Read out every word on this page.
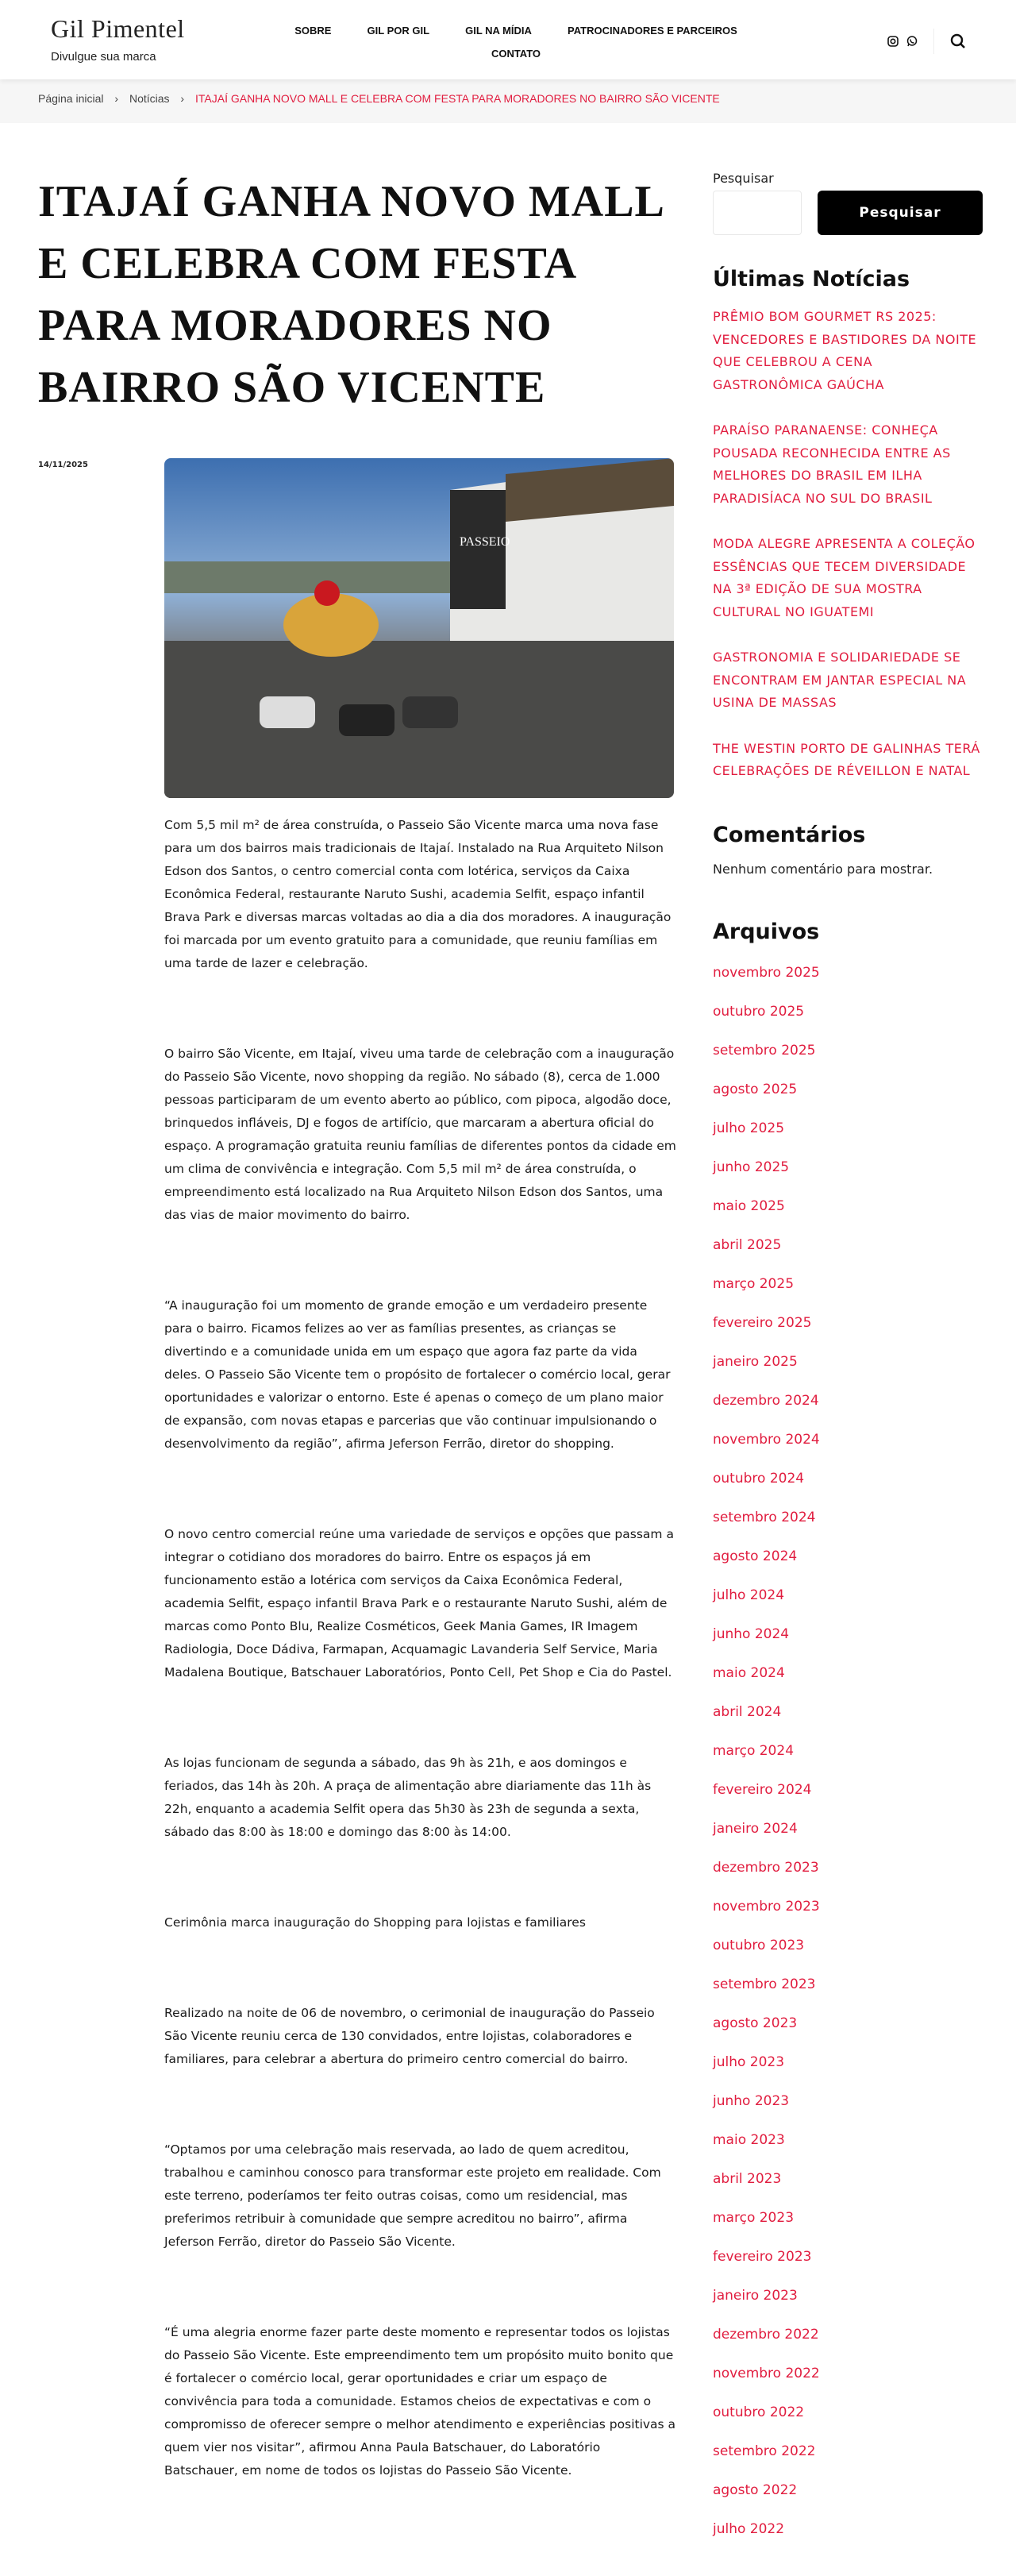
Gil Pimentel
Divulgue sua marca
SOBRE	GIL POR GIL	GIL NA MÍDIA	PATROCINADORES E PARCEIROS
CONTATO
Página inicial › Notícias › ITAJAÍ GANHA NOVO MALL E CELEBRA COM FESTA PARA MORADORES NO BAIRRO SÃO VICENTE
ITAJAÍ GANHA NOVO MALL E CELEBRA COM FESTA PARA MORADORES NO BAIRRO SÃO VICENTE
14/11/2025
PASSEIO

Com 5,5 mil m² de área construída, o Passeio São Vicente marca uma nova fase para um dos bairros mais tradicionais de Itajaí. Instalado na Rua Arquiteto Nilson Edson dos Santos, o centro comercial conta com lotérica, serviços da Caixa Econômica Federal, restaurante Naruto Sushi, academia Selfit, espaço infantil Brava Park e diversas marcas voltadas ao dia a dia dos moradores. A inauguração foi marcada por um evento gratuito para a comunidade, que reuniu famílias em uma tarde de lazer e celebração.

O bairro São Vicente, em Itajaí, viveu uma tarde de celebração com a inauguração do Passeio São Vicente, novo shopping da região. No sábado (8), cerca de 1.000 pessoas participaram de um evento aberto ao público, com pipoca, algodão doce, brinquedos infláveis, DJ e fogos de artifício, que marcaram a abertura oficial do espaço. A programação gratuita reuniu famílias de diferentes pontos da cidade em um clima de convivência e integração. Com 5,5 mil m² de área construída, o empreendimento está localizado na Rua Arquiteto Nilson Edson dos Santos, uma das vias de maior movimento do bairro.

“A inauguração foi um momento de grande emoção e um verdadeiro presente para o bairro. Ficamos felizes ao ver as famílias presentes, as crianças se divertindo e a comunidade unida em um espaço que agora faz parte da vida deles. O Passeio São Vicente tem o propósito de fortalecer o comércio local, gerar oportunidades e valorizar o entorno. Este é apenas o começo de um plano maior de expansão, com novas etapas e parcerias que vão continuar impulsionando o desenvolvimento da região”, afirma Jeferson Ferrão, diretor do shopping.

O novo centro comercial reúne uma variedade de serviços e opções que passam a integrar o cotidiano dos moradores do bairro. Entre os espaços já em funcionamento estão a lotérica com serviços da Caixa Econômica Federal, academia Selfit, espaço infantil Brava Park e o restaurante Naruto Sushi, além de marcas como Ponto Blu, Realize Cosméticos, Geek Mania Games, IR Imagem Radiologia, Doce Dádiva, Farmapan, Acquamagic Lavanderia Self Service, Maria Madalena Boutique, Batschauer Laboratórios, Ponto Cell, Pet Shop e Cia do Pastel.

As lojas funcionam de segunda a sábado, das 9h às 21h, e aos domingos e feriados, das 14h às 20h. A praça de alimentação abre diariamente das 11h às 22h, enquanto a academia Selfit opera das 5h30 às 23h de segunda a sexta, sábado das 8:00 às 18:00 e domingo das 8:00 às 14:00.

Cerimônia marca inauguração do Shopping para lojistas e familiares

Realizado na noite de 06 de novembro, o cerimonial de inauguração do Passeio São Vicente reuniu cerca de 130 convidados, entre lojistas, colaboradores e familiares, para celebrar a abertura do primeiro centro comercial do bairro.

“Optamos por uma celebração mais reservada, ao lado de quem acreditou, trabalhou e caminhou conosco para transformar este projeto em realidade. Com este terreno, poderíamos ter feito outras coisas, como um residencial, mas preferimos retribuir à comunidade que sempre acreditou no bairro”, afirma Jeferson Ferrão, diretor do Passeio São Vicente.

“É uma alegria enorme fazer parte deste momento e representar todos os lojistas do Passeio São Vicente. Este empreendimento tem um propósito muito bonito que é fortalecer o comércio local, gerar oportunidades e criar um espaço de convivência para toda a comunidade. Estamos cheios de expectativas e com o compromisso de oferecer sempre o melhor atendimento e experiências positivas a quem vier nos visitar”, afirmou Anna Paula Batschauer, do Laboratório Batschauer, em nome de todos os lojistas do Passeio São Vicente.

Pesquisar
Pesquisar
Últimas Notícias
PRÊMIO BOM GOURMET RS 2025: VENCEDORES E BASTIDORES DA NOITE QUE CELEBROU A CENA GASTRONÔMICA GAÚCHA
PARAÍSO PARANAENSE: CONHEÇA POUSADA RECONHECIDA ENTRE AS MELHORES DO BRASIL EM ILHA PARADISÍACA NO SUL DO BRASIL
MODA ALEGRE APRESENTA A COLEÇÃO ESSÊNCIAS QUE TECEM DIVERSIDADE NA 3ª EDIÇÃO DE SUA MOSTRA CULTURAL NO IGUATEMI
GASTRONOMIA E SOLIDARIEDADE SE ENCONTRAM EM JANTAR ESPECIAL NA USINA DE MASSAS
THE WESTIN PORTO DE GALINHAS TERÁ CELEBRAÇÕES DE RÉVEILLON E NATAL
Comentários
Nenhum comentário para mostrar.
Arquivos
novembro 2025
outubro 2025
setembro 2025
agosto 2025
julho 2025
junho 2025
maio 2025
abril 2025
março 2025
fevereiro 2025
janeiro 2025
dezembro 2024
novembro 2024
outubro 2024
setembro 2024
agosto 2024
julho 2024
junho 2024
maio 2024
abril 2024
março 2024
fevereiro 2024
janeiro 2024
dezembro 2023
novembro 2023
outubro 2023
setembro 2023
agosto 2023
julho 2023
junho 2023
maio 2023
abril 2023
março 2023
fevereiro 2023
janeiro 2023
dezembro 2022
novembro 2022
outubro 2022
setembro 2022
agosto 2022
julho 2022
